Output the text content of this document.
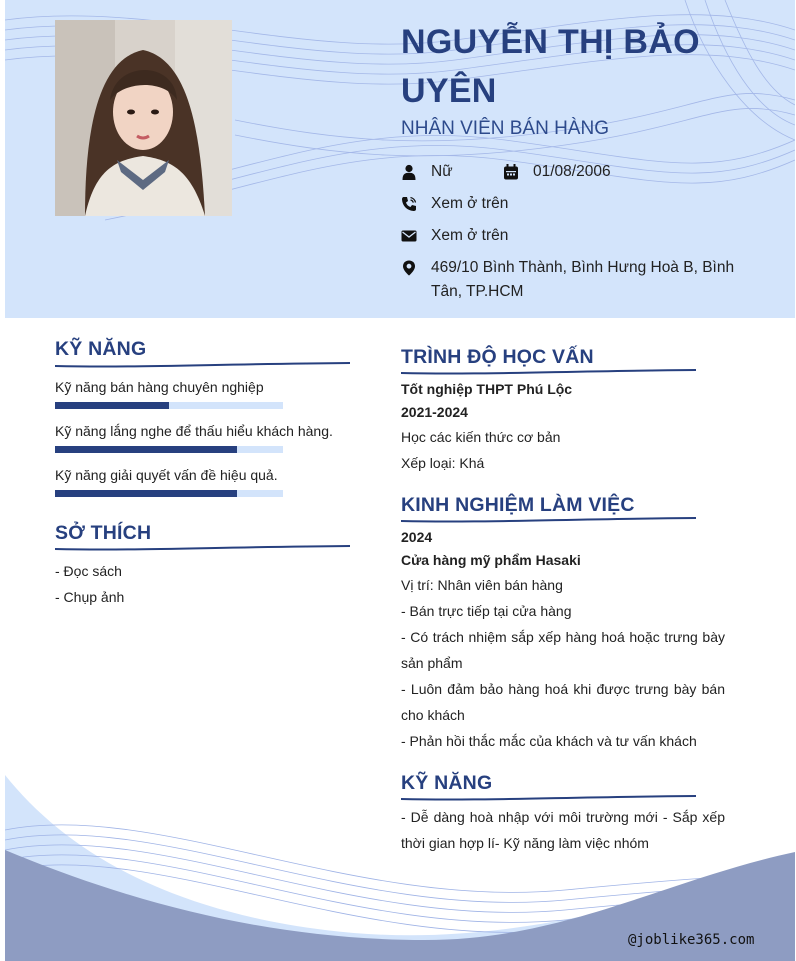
NGUYỄN THỊ BẢO
UYÊN
NHÂN VIÊN BÁN HÀNG
Nữ	01/08/2006
Xem ở trên
Xem ở trên
469/10 Bình Thành, Bình Hưng Hoà B, Bình
Tân, TP.HCM
KỸ NĂNG
Kỹ năng bán hàng chuyên nghiệp
Kỹ năng lắng nghe để thấu hiểu khách hàng.
Kỹ năng giải quyết vấn đề hiệu quả.
SỞ THÍCH
- Đọc sách
- Chụp ảnh
TRÌNH ĐỘ HỌC VẤN
Tốt nghiệp THPT Phú Lộc
2021-2024
Học các kiến thức cơ bản
Xếp loại: Khá
KINH NGHIỆM LÀM VIỆC
2024
Cửa hàng mỹ phẩm Hasaki
Vị trí: Nhân viên bán hàng
- Bán trực tiếp tại cửa hàng
- Có trách nhiệm sắp xếp hàng hoá hoặc trưng bày
sản phẩm
- Luôn đảm bảo hàng hoá khi được trưng bày bán
cho khách
- Phản hồi thắc mắc của khách và tư vấn khách
KỸ NĂNG
- Dễ dàng hoà nhập với môi trường mới - Sắp xếp
thời gian hợp lí- Kỹ năng làm việc nhóm
@joblike365.com
